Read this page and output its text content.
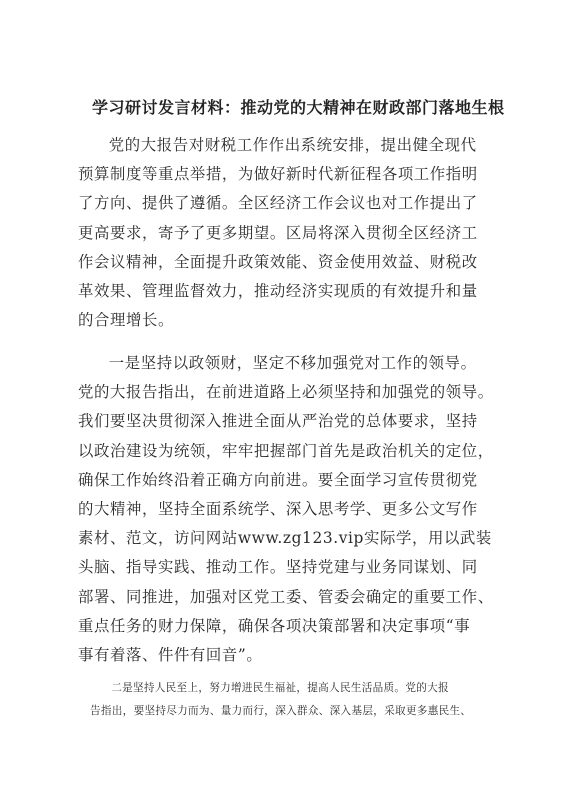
学习研讨发言材料：推动党的大精神在财政部门落地生根
党的大报告对财税工作作出系统安排，提出健全现代
预算制度等重点举措，为做好新时代新征程各项工作指明
了方向、提供了遵循。全区经济工作会议也对工作提出了
更高要求，寄予了更多期望。区局将深入贯彻全区经济工
作会议精神，全面提升政策效能、资金使用效益、财税改
革效果、管理监督效力，推动经济实现质的有效提升和量
的合理增长。
一是坚持以政领财，坚定不移加强党对工作的领导。
党的大报告指出，在前进道路上必须坚持和加强党的领导。
我们要坚决贯彻深入推进全面从严治党的总体要求，坚持
以政治建设为统领，牢牢把握部门首先是政治机关的定位，
确保工作始终沿着正确方向前进。要全面学习宣传贯彻党
的大精神，坚持全面系统学、深入思考学、更多公文写作
素材、范文，访问网站www.zg123.vip实际学，用以武装
头脑、指导实践、推动工作。坚持党建与业务同谋划、同
部署、同推进，加强对区党工委、管委会确定的重要工作、
重点任务的财力保障，确保各项决策部署和决定事项“事
事有着落、件件有回音”。
二是坚持人民至上，努力增进民生福祉，提高人民生活品质。党的大报
告指出，要坚持尽力而为、量力而行，深入群众、深入基层，采取更多惠民生、
